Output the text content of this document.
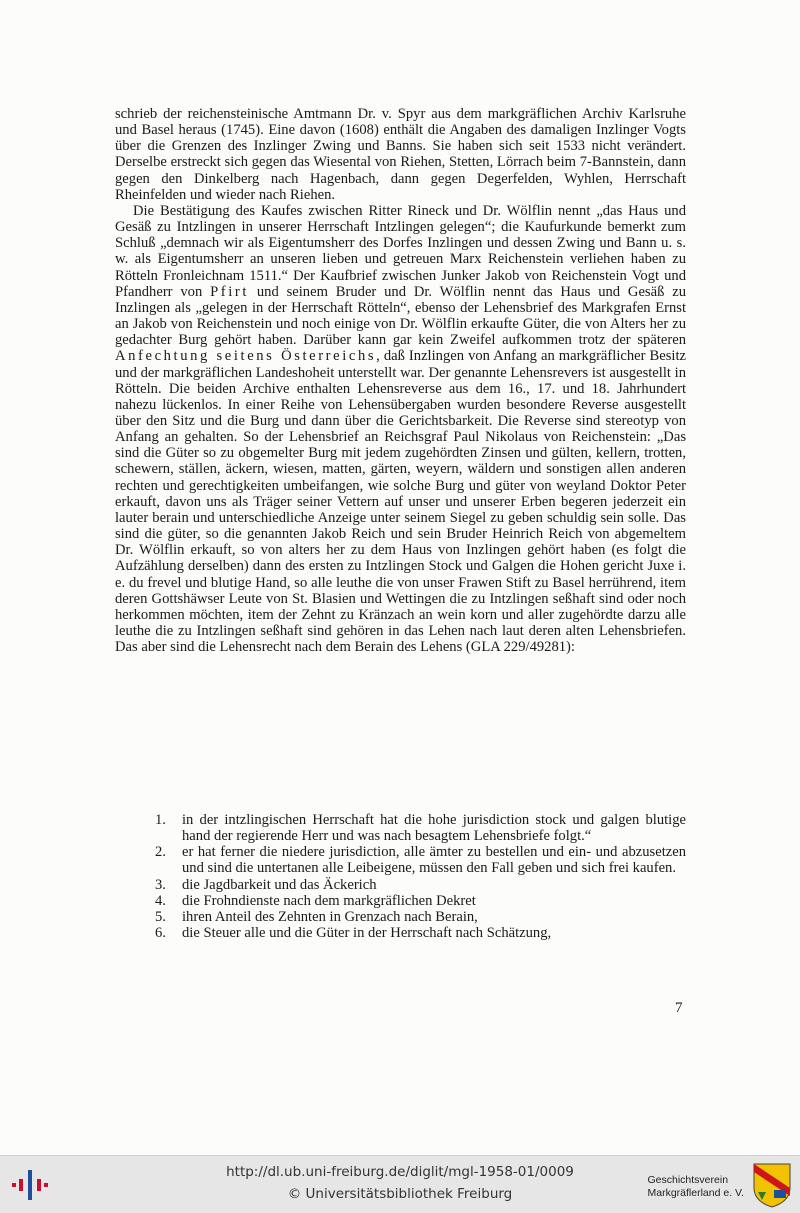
schrieb der reichensteinische Amtmann Dr. v. Spyr aus dem markgräflichen Archiv Karlsruhe und Basel heraus (1745). Eine davon (1608) enthält die Angaben des damaligen Inzlinger Vogts über die Grenzen des Inzlinger Zwing und Banns. Sie haben sich seit 1533 nicht verändert. Derselbe erstreckt sich gegen das Wiesental von Riehen, Stetten, Lörrach beim 7-Bannstein, dann gegen den Dinkelberg nach Hagenbach, dann gegen Degerfelden, Wyhlen, Herrschaft Rheinfelden und wieder nach Riehen.

Die Bestätigung des Kaufes zwischen Ritter Rineck und Dr. Wölflin nennt „das Haus und Gesäß zu Intzlingen in unserer Herrschaft Intzlingen gelegen“; die Kaufurkunde bemerkt zum Schluß „demnach wir als Eigentumsherr des Dorfes Inzlingen und dessen Zwing und Bann u. s. w. als Eigentumsherr an unseren lieben und getreuen Marx Reichenstein verliehen haben zu Rötteln Fronleichnam 1511.“ Der Kaufbrief zwischen Junker Jakob von Reichenstein Vogt und Pfandherr von Pfirt und seinem Bruder und Dr. Wölflin nennt das Haus und Gesäß zu Inzlingen als „gelegen in der Herrschaft Rötteln“, ebenso der Lehensbrief des Markgrafen Ernst an Jakob von Reichenstein und noch einige von Dr. Wölflin erkaufte Güter, die von Alters her zu gedachter Burg gehört haben. Darüber kann gar kein Zweifel aufkommen trotz der späteren Anfechtung seitens Österreichs, daß Inzlingen von Anfang an markgräflicher Besitz und der markgräflichen Landeshoheit unterstellt war. Der genannte Lehensrevers ist ausgestellt in Rötteln. Die beiden Archive enthalten Lehensreverse aus dem 16., 17. und 18. Jahrhundert nahezu lückenlos. In einer Reihe von Lehensübergaben wurden besondere Reverse ausgestellt über den Sitz und die Burg und dann über die Gerichtsbarkeit. Die Reverse sind stereotyp von Anfang an gehalten. So der Lehensbrief an Reichsgraf Paul Nikolaus von Reichenstein: „Das sind die Güter so zu obgemelter Burg mit jedem zugehördten Zinsen und gülten, kellern, trotten, schewern, ställen, äckern, wiesen, matten, gärten, weyern, wäldern und sonstigen allen anderen rechten und gerechtigkeiten umbeifangen, wie solche Burg und güter von weyland Doktor Peter erkauft, davon uns als Träger seiner Vettern auf unser und unserer Erben begeren jederzeit ein lauter berain und unterschiedliche Anzeige unter seinem Siegel zu geben schuldig sein solle. Das sind die güter, so die genannten Jakob Reich und sein Bruder Heinrich Reich von abgemeltem Dr. Wölflin erkauft, so von alters her zu dem Haus von Inzlingen gehört haben (es folgt die Aufzählung derselben) dann des ersten zu Intzlingen Stock und Galgen die Hohen gericht Juxe i. e. du frevel und blutige Hand, so alle leuthe die von unser Frawen Stift zu Basel herrührend, item deren Gottshäwser Leute von St. Blasien und Wettingen die zu Intzlingen seßhaft sind oder noch herkommen möchten, item der Zehnt zu Kränzach an wein korn und aller zugehördte darzu alle leuthe die zu Intzlingen seßhaft sind gehören in das Lehen nach laut deren alten Lehensbriefen. Das aber sind die Lehensrecht nach dem Berain des Lehens (GLA 229/49281):

1. in der intzlingischen Herrschaft hat die hohe jurisdiction stock und galgen blutige hand der regierende Herr und was nach besagtem Lehensbriefe folgt.“
2. er hat ferner die niedere jurisdiction, alle ämter zu bestellen und ein- und abzusetzen und sind die untertanen alle Leibeigene, müssen den Fall geben und sich frei kaufen.
3. die Jagdbarkeit und das Äckerich
4. die Frohndienste nach dem markgräflichen Dekret
5. ihren Anteil des Zehnten in Grenzach nach Berain,
6. die Steuer alle und die Güter in der Herrschaft nach Schätzung,
7
http://dl.ub.uni-freiburg.de/diglit/mgl-1958-01/0009
© Universitätsbibliothek Freiburg
Geschichtsverein
Markgräflerland e. V.
